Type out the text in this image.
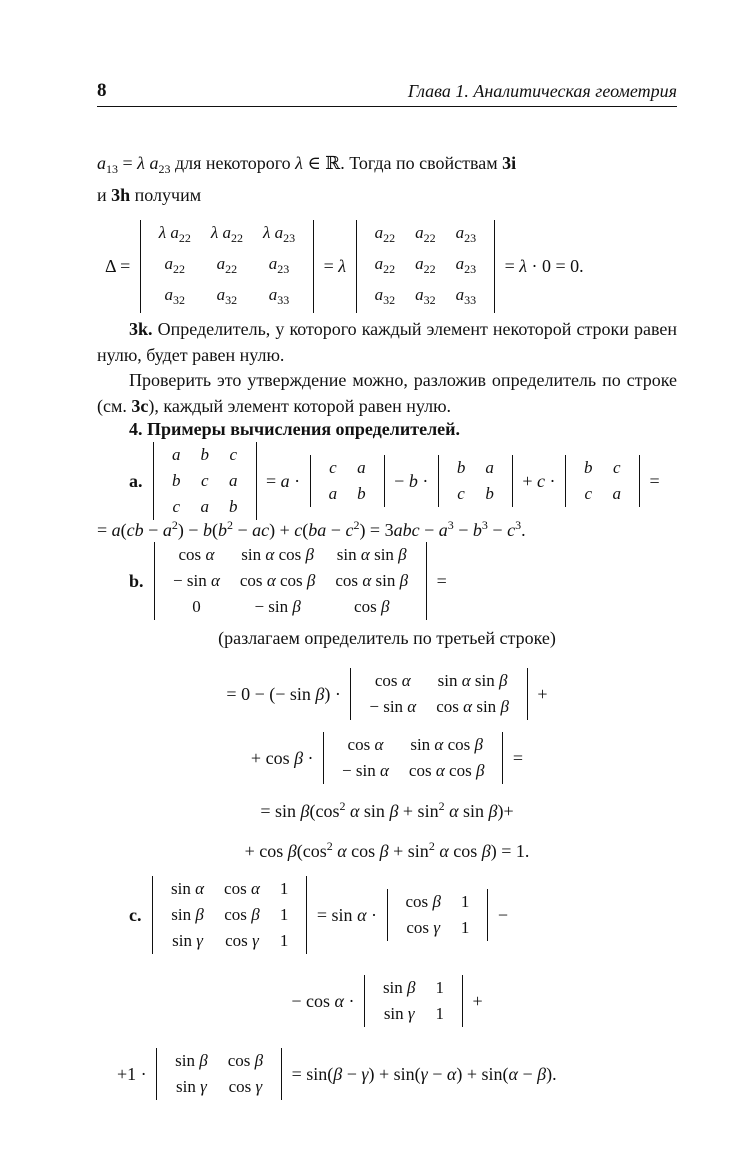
8	Глава 1. Аналитическая геометрия
$a_{13} = \lambda$ $a_{23}$ для некоторого λ ∈ ℝ. Тогда по свойствам 3i
и 3h получим
Δ =
λ $a_{22}$	λ $a_{22}$	λ $a_{23}$
$a_{22}$	$a_{22}$	$a_{23}$
$a_{32}$	$a_{32}$	$a_{33}$
= λ
$a_{22}$	$a_{22}$	$a_{23}$
$a_{22}$	$a_{22}$	$a_{23}$
$a_{32}$	$a_{32}$	$a_{33}$
= λ · 0 = 0.
3k. Определитель, у которого каждый элемент некоторой строки равен нулю, будет равен нулю.
Проверить это утверждение можно, разложив определитель по строке (см. 3c), каждый элемент которой равен нулю.
4. Примеры вычисления определителей.
a.
a	b	c
b	c	a
c	a	b
= a ·
c	a
a	b
− b ·
b	a
c	b
+ c ·
b	c
c	a
=
= $a(cb - a^2) - b(b^2 - ac) + c(ba - c^2) = 3abc - a^3 - b^3 - c^3$.
b.
cos α	sin α cos β	sin α sin β
− sin α	cos α cos β	cos α sin β
0	− sin β	cos β
=
(разлагаем определитель по третьей строке)
= 0 − (− sin β) ·
cos α	sin α sin β
− sin α	cos α sin β
+
+ cos β ·
cos α	sin α cos β
− sin α	cos α cos β
=
= $\sin \beta(\cos^2$ α $\sin \beta + \sin^2 \alpha$ sin β)+
+ $\cos \beta(\cos^2$ α $\cos \beta + \sin^2 \alpha$ cos β) = 1.
c.
sin α	cos α	1
sin β	cos β	1
sin γ	cos γ	1
= sin α ·
cos β	1
cos γ	1
−
− cos α ·
sin β	1
sin γ	1
+
+1 ·
sin β	cos β
sin γ	cos γ
= sin(β − γ) + sin(γ − α) + sin(α − β).
